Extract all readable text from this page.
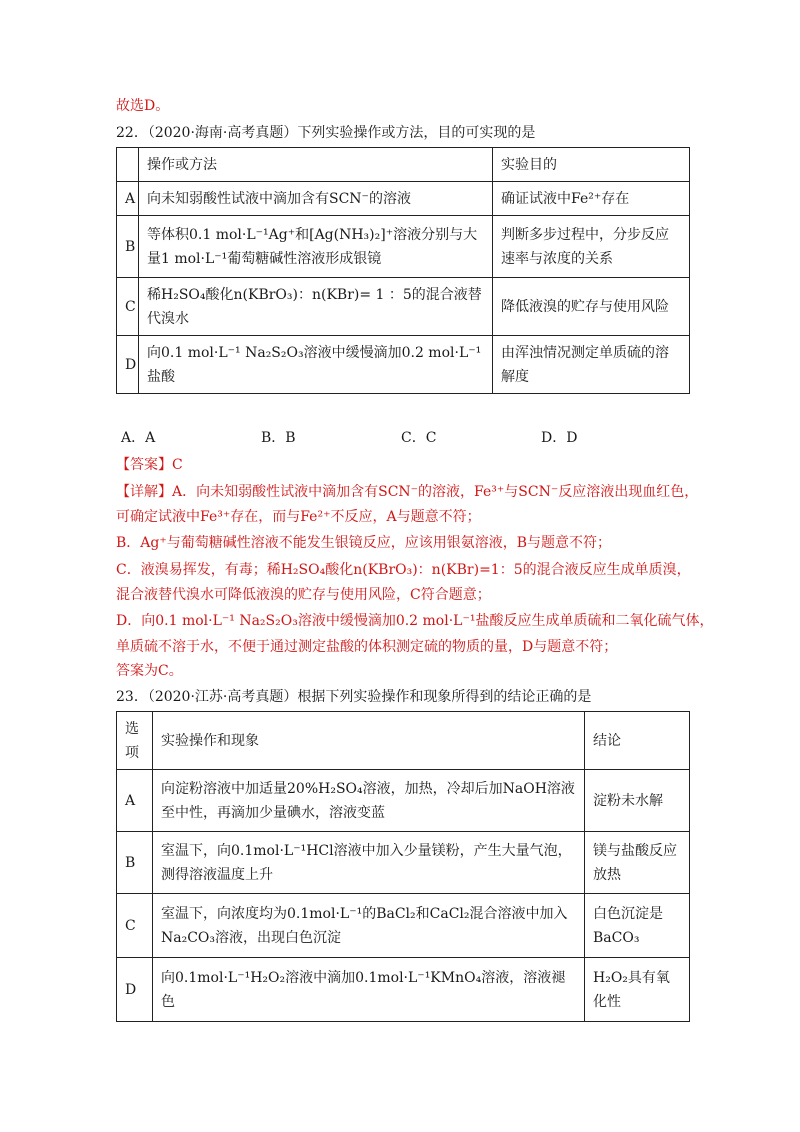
故选D。
22．（2020·海南·高考真题）下列实验操作或方法，目的可实现的是
	操作或方法	实验目的
A	向未知弱酸性试液中滴加含有SCN⁻的溶液	确证试液中Fe²⁺存在
B	等体积0.1 mol·L⁻¹Ag⁺和[Ag(NH₃)₂]⁺溶液分别与大量1 mol·L⁻¹葡萄糖碱性溶液形成银镜	判断多步过程中，分步反应速率与浓度的关系
C	稀H₂SO₄酸化n(KBrO₃)：n(KBr)= 1 ：5的混合液替代溴水	降低液溴的贮存与使用风险
D	向0.1 mol·L⁻¹ Na₂S₂O₃溶液中缓慢滴加0.2 mol·L⁻¹盐酸	由浑浊情况测定单质硫的溶解度
A．A	B．B	C．C	D．D
【答案】C
【详解】A．向未知弱酸性试液中滴加含有SCN⁻的溶液，Fe³⁺与SCN⁻反应溶液出现血红色，
可确定试液中Fe³⁺存在，而与Fe²⁺不反应，A与题意不符；
B．Ag⁺与葡萄糖碱性溶液不能发生银镜反应，应该用银氨溶液，B与题意不符；
C．液溴易挥发，有毒；稀H₂SO₄酸化n(KBrO₃)：n(KBr)=1：5的混合液反应生成单质溴，
混合液替代溴水可降低液溴的贮存与使用风险，C符合题意；
D．向0.1 mol·L⁻¹ Na₂S₂O₃溶液中缓慢滴加0.2 mol·L⁻¹盐酸反应生成单质硫和二氧化硫气体，
单质硫不溶于水，不便于通过测定盐酸的体积测定硫的物质的量，D与题意不符；
答案为C。
23．（2020·江苏·高考真题）根据下列实验操作和现象所得到的结论正确的是
选项	实验操作和现象	结论
A	向淀粉溶液中加适量20%H₂SO₄溶液，加热，冷却后加NaOH溶液至中性，再滴加少量碘水，溶液变蓝	淀粉未水解
B	室温下，向0.1mol·L⁻¹HCl溶液中加入少量镁粉，产生大量气泡，测得溶液温度上升	镁与盐酸反应放热
C	室温下，向浓度均为0.1mol·L⁻¹的BaCl₂和CaCl₂混合溶液中加入Na₂CO₃溶液，出现白色沉淀	白色沉淀是BaCO₃
D	向0.1mol·L⁻¹H₂O₂溶液中滴加0.1mol·L⁻¹KMnO₄溶液，溶液褪色	H₂O₂具有氧化性
